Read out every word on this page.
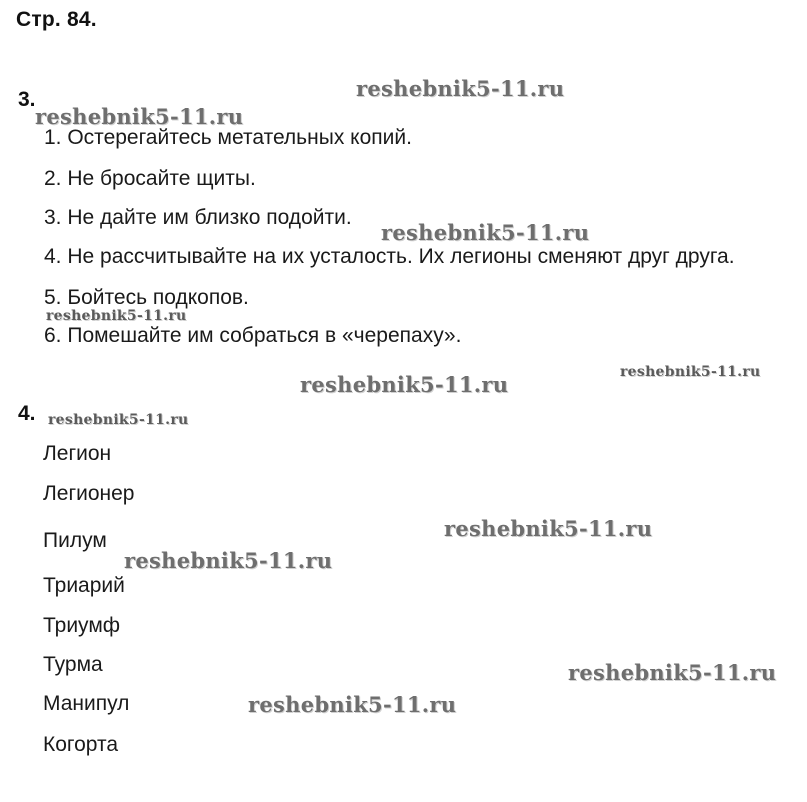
Стр. 84.
3.
1. Остерегайтесь метательных копий.
2. Не бросайте щиты.
3. Не дайте им близко подойти.
4. Не рассчитывайте на их усталость. Их легионы сменяют друг друга.
5. Бойтесь подкопов.
6. Помешайте им собраться в «черепаху».
4.
Легион
Легионер
Пилум
Триарий
Триумф
Турма
Манипул
Когорта
reshebnik5-11.ru
reshebnik5-11.ru
reshebnik5-11.ru
reshebnik5-11.ru
reshebnik5-11.ru	reshebnik5-11.ru
reshebnik5-11.ru
reshebnik5-11.ru
reshebnik5-11.ru
reshebnik5-11.ru
reshebnik5-11.ru
